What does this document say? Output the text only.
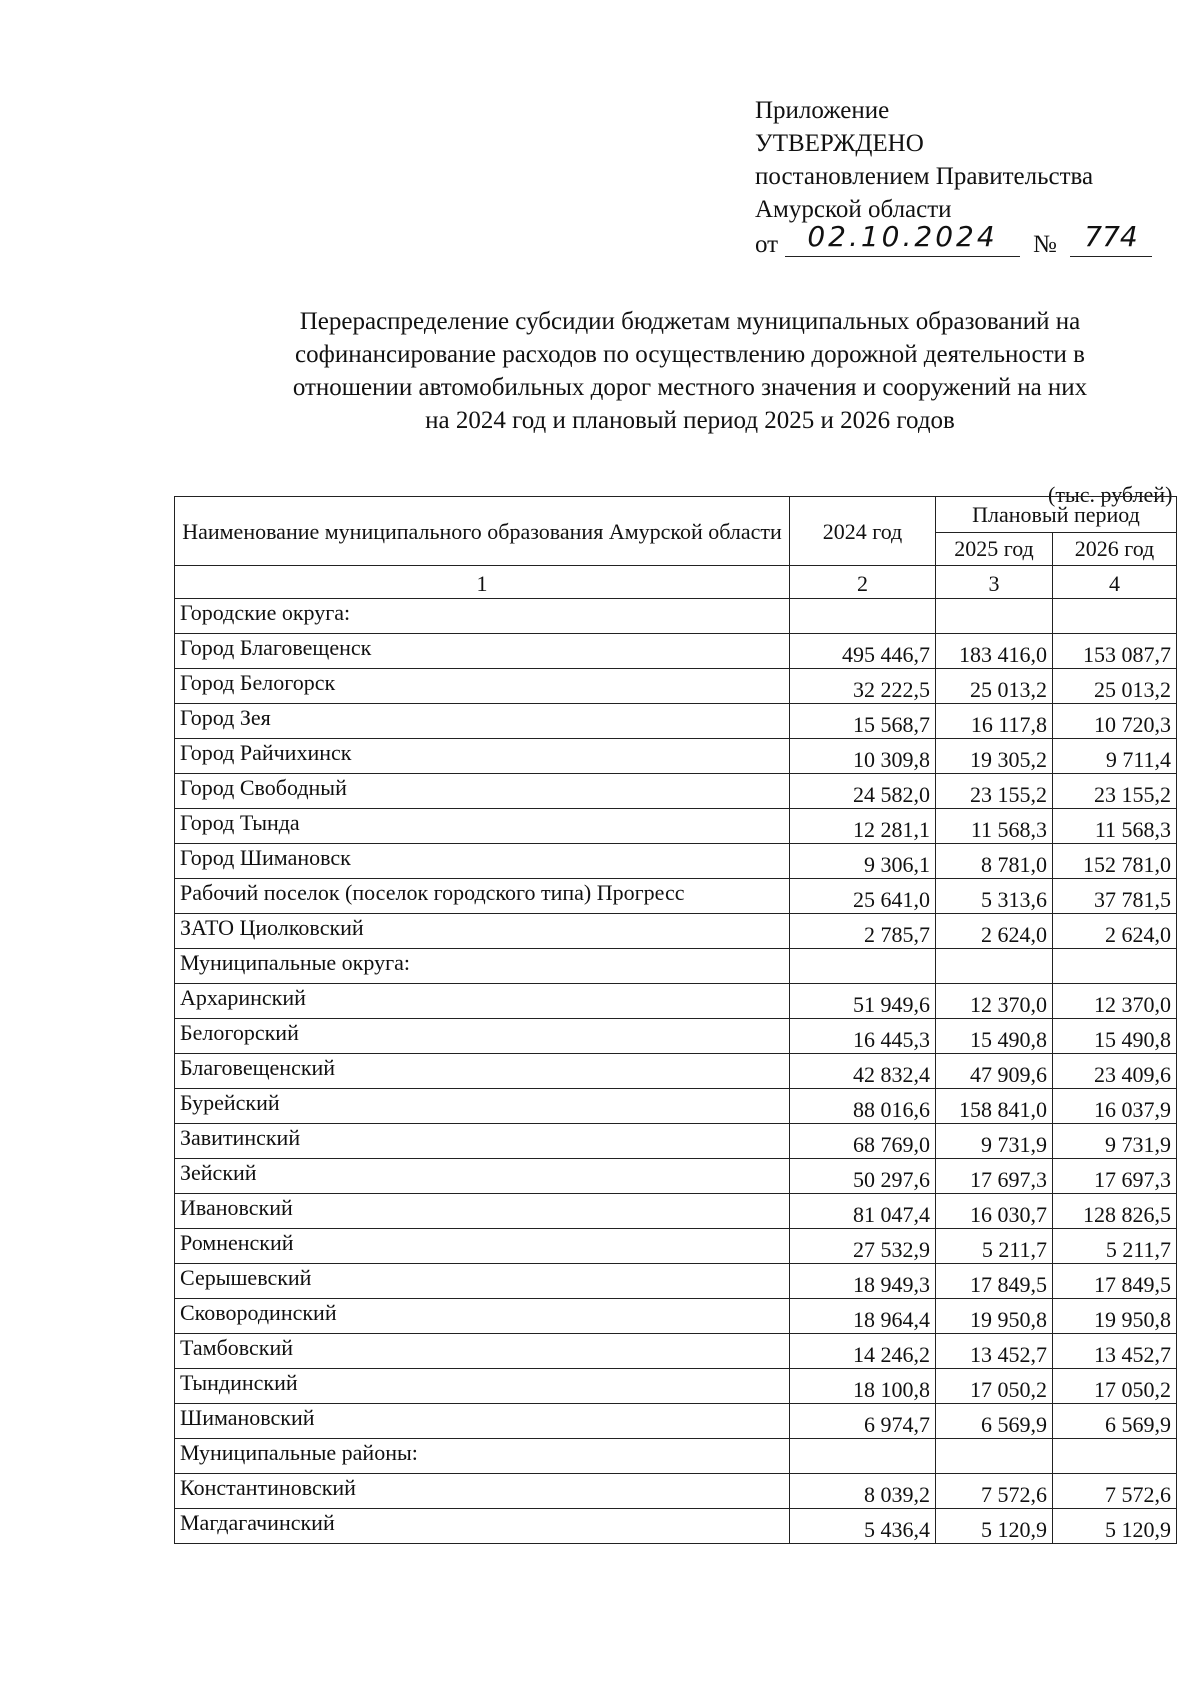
Приложение
УТВЕРЖДЕНО
постановлением Правительства
Амурской области
от	02.10.2024	№ 774
Перераспределение субсидии бюджетам муниципальных образований на
софинансирование расходов по осуществлению дорожной деятельности в
отношении автомобильных дорог местного значения и сооружений на них
на 2024 год и плановый период 2025 и 2026 годов
(тыс. рублей)
Наименование муниципального образования Амурской области	2024 год	Плановый период	
		2025 год	2026 год
1	2	3	4
Городские округа:			
Город Благовещенск	495 446,7	183 416,0	153 087,7
Город Белогорск	32 222,5	25 013,2	25 013,2
Город Зея	15 568,7	16 117,8	10 720,3
Город Райчихинск	10 309,8	19 305,2	9 711,4
Город Свободный	24 582,0	23 155,2	23 155,2
Город Тында	12 281,1	11 568,3	11 568,3
Город Шимановск	9 306,1	8 781,0	152 781,0
Рабочий поселок (поселок городского типа) Прогресс	25 641,0	5 313,6	37 781,5
ЗАТО Циолковский	2 785,7	2 624,0	2 624,0
Муниципальные округа:			
Архаринский	51 949,6	12 370,0	12 370,0
Белогорский	16 445,3	15 490,8	15 490,8
Благовещенский	42 832,4	47 909,6	23 409,6
Бурейский	88 016,6	158 841,0	16 037,9
Завитинский	68 769,0	9 731,9	9 731,9
Зейский	50 297,6	17 697,3	17 697,3
Ивановский	81 047,4	16 030,7	128 826,5
Ромненский	27 532,9	5 211,7	5 211,7
Серышевский	18 949,3	17 849,5	17 849,5
Сковородинский	18 964,4	19 950,8	19 950,8
Тамбовский	14 246,2	13 452,7	13 452,7
Тындинский	18 100,8	17 050,2	17 050,2
Шимановский	6 974,7	6 569,9	6 569,9
Муниципальные районы:			
Константиновский	8 039,2	7 572,6	7 572,6
Магдагачинский	5 436,4	5 120,9	5 120,9
